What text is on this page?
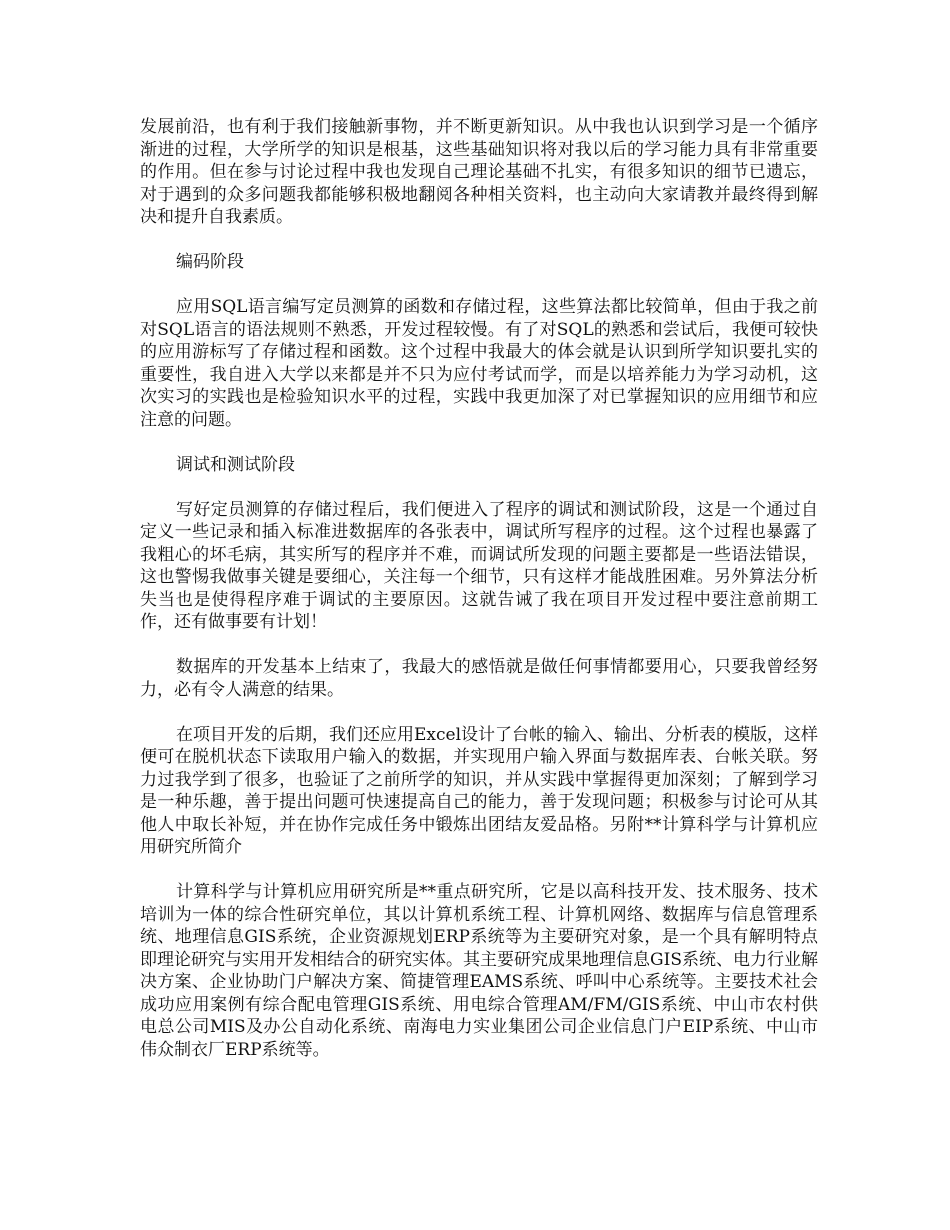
发展前沿，也有利于我们接触新事物，并不断更新知识。从中我也认识到学习是一个循序渐进的过程，大学所学的知识是根基，这些基础知识将对我以后的学习能力具有非常重要的作用。但在参与讨论过程中我也发现自己理论基础不扎实，有很多知识的细节已遗忘，对于遇到的众多问题我都能够积极地翻阅各种相关资料，也主动向大家请教并最终得到解决和提升自我素质。

编码阶段

应用SQL语言编写定员测算的函数和存储过程，这些算法都比较简单，但由于我之前对SQL语言的语法规则不熟悉，开发过程较慢。有了对SQL的熟悉和尝试后，我便可较快的应用游标写了存储过程和函数。这个过程中我最大的体会就是认识到所学知识要扎实的重要性，我自进入大学以来都是并不只为应付考试而学，而是以培养能力为学习动机，这次实习的实践也是检验知识水平的过程，实践中我更加深了对已掌握知识的应用细节和应注意的问题。

调试和测试阶段

写好定员测算的存储过程后，我们便进入了程序的调试和测试阶段，这是一个通过自定义一些记录和插入标准进数据库的各张表中，调试所写程序的过程。这个过程也暴露了我粗心的坏毛病，其实所写的程序并不难，而调试所发现的问题主要都是一些语法错误，这也警惕我做事关键是要细心，关注每一个细节，只有这样才能战胜困难。另外算法分析失当也是使得程序难于调试的主要原因。这就告诫了我在项目开发过程中要注意前期工作，还有做事要有计划！

数据库的开发基本上结束了，我最大的感悟就是做任何事情都要用心，只要我曾经努力，必有令人满意的结果。

在项目开发的后期，我们还应用Excel设计了台帐的输入、输出、分析表的模版，这样便可在脱机状态下读取用户输入的数据，并实现用户输入界面与数据库表、台帐关联。努力过我学到了很多，也验证了之前所学的知识，并从实践中掌握得更加深刻；了解到学习是一种乐趣，善于提出问题可快速提高自己的能力，善于发现问题；积极参与讨论可从其他人中取长补短，并在协作完成任务中锻炼出团结友爱品格。另附**计算科学与计算机应用研究所简介

计算科学与计算机应用研究所是**重点研究所，它是以高科技开发、技术服务、技术培训为一体的综合性研究单位，其以计算机系统工程、计算机网络、数据库与信息管理系统、地理信息GIS系统，企业资源规划ERP系统等为主要研究对象，是一个具有解明特点即理论研究与实用开发相结合的研究实体。其主要研究成果地理信息GIS系统、电力行业解决方案、企业协助门户解决方案、简捷管理EAMS系统、呼叫中心系统等。主要技术社会成功应用案例有综合配电管理GIS系统、用电综合管理AM/FM/GIS系统、中山市农村供电总公司MIS及办公自动化系统、南海电力实业集团公司企业信息门户EIP系统、中山市伟众制衣厂ERP系统等。
